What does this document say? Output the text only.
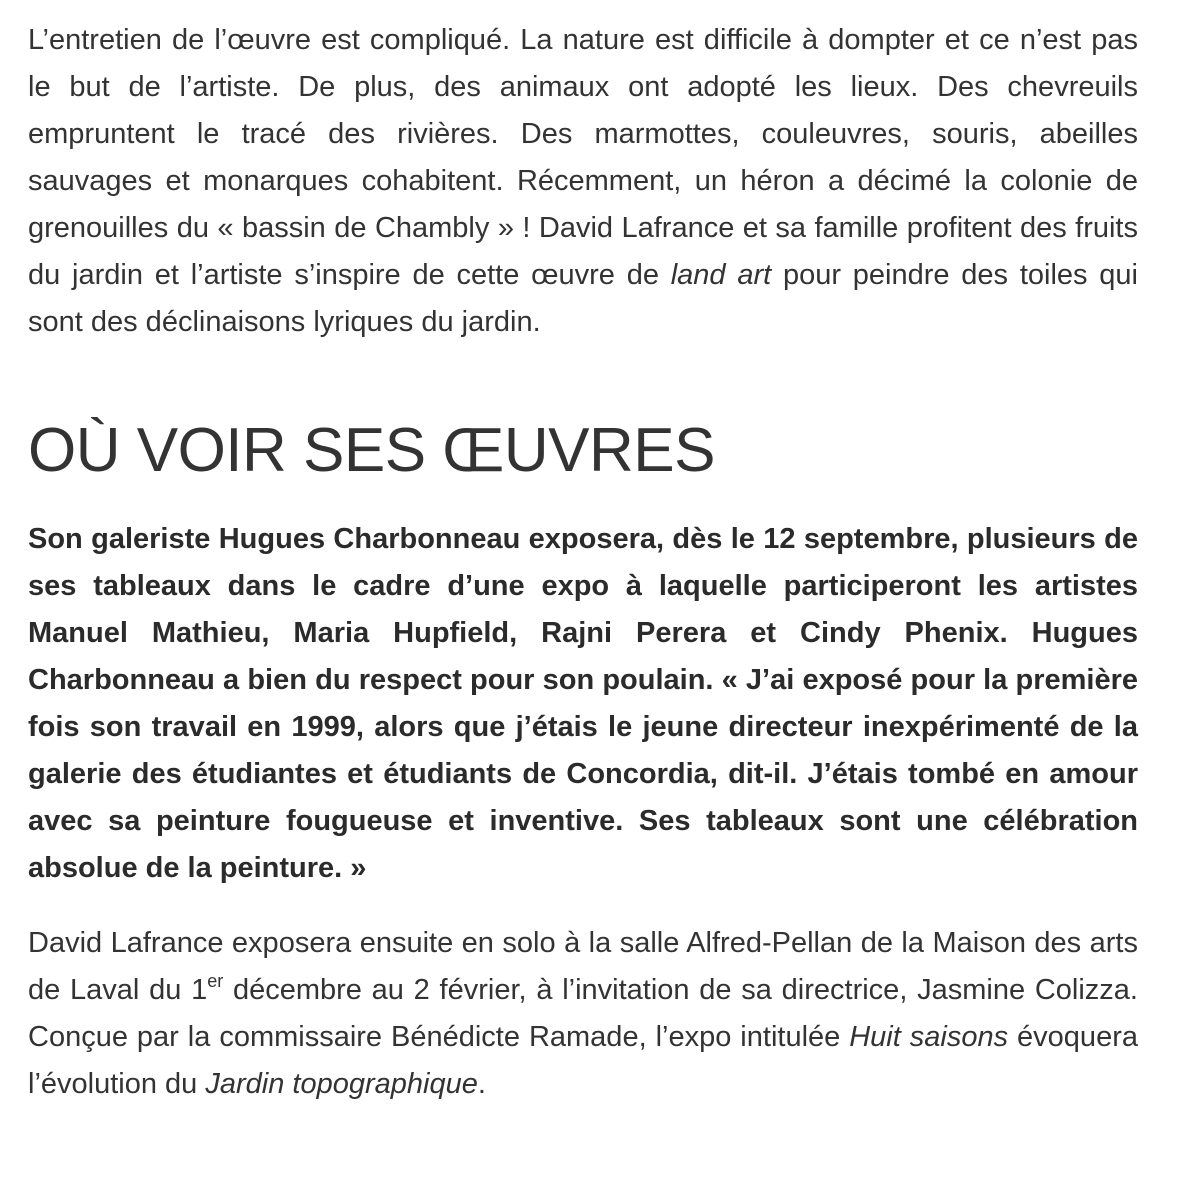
L’entretien de l’œuvre est compliqué. La nature est difficile à dompter et ce n’est pas le but de l’artiste. De plus, des animaux ont adopté les lieux. Des chevreuils empruntent le tracé des rivières. Des marmottes, couleuvres, souris, abeilles sauvages et monarques cohabitent. Récemment, un héron a décimé la colonie de grenouilles du « bassin de Chambly » ! David Lafrance et sa famille profitent des fruits du jardin et l’artiste s’inspire de cette œuvre de land art pour peindre des toiles qui sont des déclinaisons lyriques du jardin.

OÙ VOIR SES ŒUVRES

Son galeriste Hugues Charbonneau exposera, dès le 12 septembre, plusieurs de ses tableaux dans le cadre d’une expo à laquelle participeront les artistes Manuel Mathieu, Maria Hupfield, Rajni Perera et Cindy Phenix. Hugues Charbonneau a bien du respect pour son poulain. « J’ai exposé pour la première fois son travail en 1999, alors que j’étais le jeune directeur inexpérimenté de la galerie des étudiantes et étudiants de Concordia, dit-il. J’étais tombé en amour avec sa peinture fougueuse et inventive. Ses tableaux sont une célébration absolue de la peinture. »

David Lafrance exposera ensuite en solo à la salle Alfred-Pellan de la Maison des arts de Laval du 1er décembre au 2 février, à l’invitation de sa directrice, Jasmine Colizza. Conçue par la commissaire Bénédicte Ramade, l’expo intitulée Huit saisons évoquera l’évolution du Jardin topographique.
